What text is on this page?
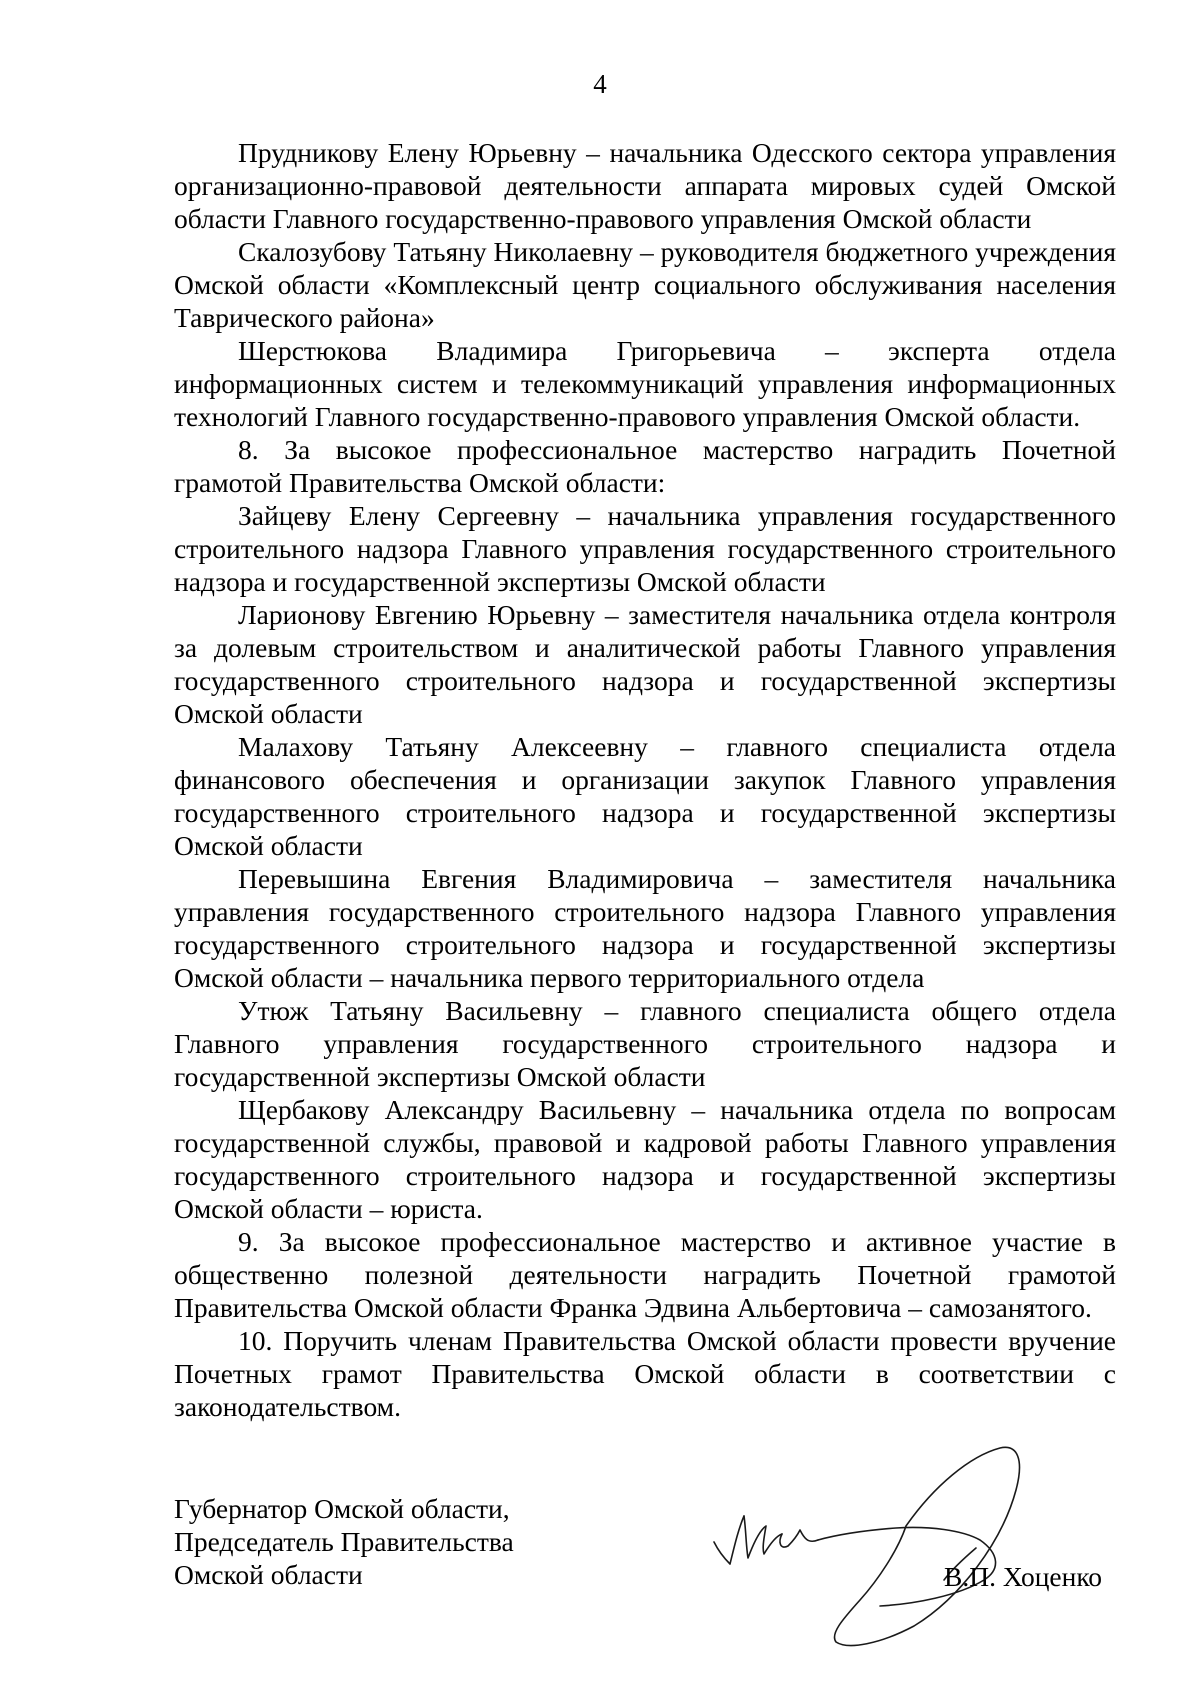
4

Прудникову Елену Юрьевну – начальника Одесского сектора управления организационно-правовой деятельности аппарата мировых судей Омской области Главного государственно-правового управления Омской области

Скалозубову Татьяну Николаевну – руководителя бюджетного учреждения Омской области «Комплексный центр социального обслуживания населения Таврического района»

Шерстюкова Владимира Григорьевича – эксперта отдела информационных систем и телекоммуникаций управления информационных технологий Главного государственно-правового управления Омской области.

8. За высокое профессиональное мастерство наградить Почетной грамотой Правительства Омской области:

Зайцеву Елену Сергеевну – начальника управления государственного строительного надзора Главного управления государственного строительного надзора и государственной экспертизы Омской области

Ларионову Евгению Юрьевну – заместителя начальника отдела контроля за долевым строительством и аналитической работы Главного управления государственного строительного надзора и государственной экспертизы Омской области

Малахову Татьяну Алексеевну – главного специалиста отдела финансового обеспечения и организации закупок Главного управления государственного строительного надзора и государственной экспертизы Омской области

Перевышина Евгения Владимировича – заместителя начальника управления государственного строительного надзора Главного управления государственного строительного надзора и государственной экспертизы Омской области – начальника первого территориального отдела

Утюж Татьяну Васильевну – главного специалиста общего отдела Главного управления государственного строительного надзора и государственной экспертизы Омской области

Щербакову Александру Васильевну – начальника отдела по вопросам государственной службы, правовой и кадровой работы Главного управления государственного строительного надзора и государственной экспертизы Омской области – юриста.

9. За высокое профессиональное мастерство и активное участие в общественно полезной деятельности наградить Почетной грамотой Правительства Омской области Франка Эдвина Альбертовича – самозанятого.

10. Поручить членам Правительства Омской области провести вручение Почетных грамот Правительства Омской области в соответствии с законодательством.

Губернатор Омской области,
Председатель Правительства
Омской области	В.П. Хоценко
